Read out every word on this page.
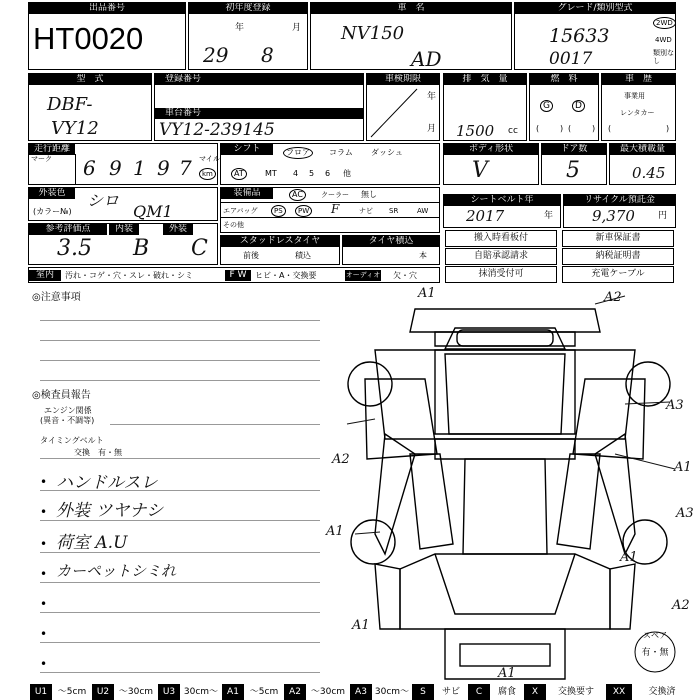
出品番号
HT0020
初年度登録
年	月
29 8
車　名
NV150
AD
グレード/類別型式
15633
0017
2WD
4WD
類別なし
型　式
DBF-
VY12
登録番号
車台番号
VY12-239145
車検期限
年
月
排　気　量
1500 cc
燃　料
G	D
(	) (	)
車　歴
事業用
レンタカー
(	)
走行距離
マーク 6 9 1 9 7 マイル
km
シフト	フロア	コラム ダッシュ
AT	MT 4 5 6 他
ボディ形状
V
ドア数
5
最大積載量
0.45
外装色	シロ
(カラー№)	QM1
装備品	AC	クーラー 無し
エアバッグ	PS	PW F	ナビ SR	AW
その他
シートベルト年
2017	年
リサイクル預託金
9,370	円
参考評価点	内装	外装
3.5 B C	スタッドレスタイヤ
前後	積込
タイヤ積込
本
搬入時看板付	新車保証書
自賠承認請求	納税証明書
抹消受付可	充電ケーブル
室内	汚れ・コゲ・穴・スレ・破れ・シミ	F W	ヒビ・A・交換要	オーディオ 欠・穴
◎注意事項
◎検査員報告
エンジン関係
(異音・不調等)
タイミングベルト
交換　有・無
• ハンドルスレ
• 外装 ツヤナシ
• 荷室 A.U
• カーペットシミれ
•
•
•
スペア
有・無
A1	A2
A2
A1
A3
A1
A3
A1
A1
A2
A1
U1	～5cm	U2	～30cm	U3 30cm～ A1	～5cm	A2	～30cm	A3 30cm～	S	サビ	C	腐食	X	交換要す	XX	交換済
